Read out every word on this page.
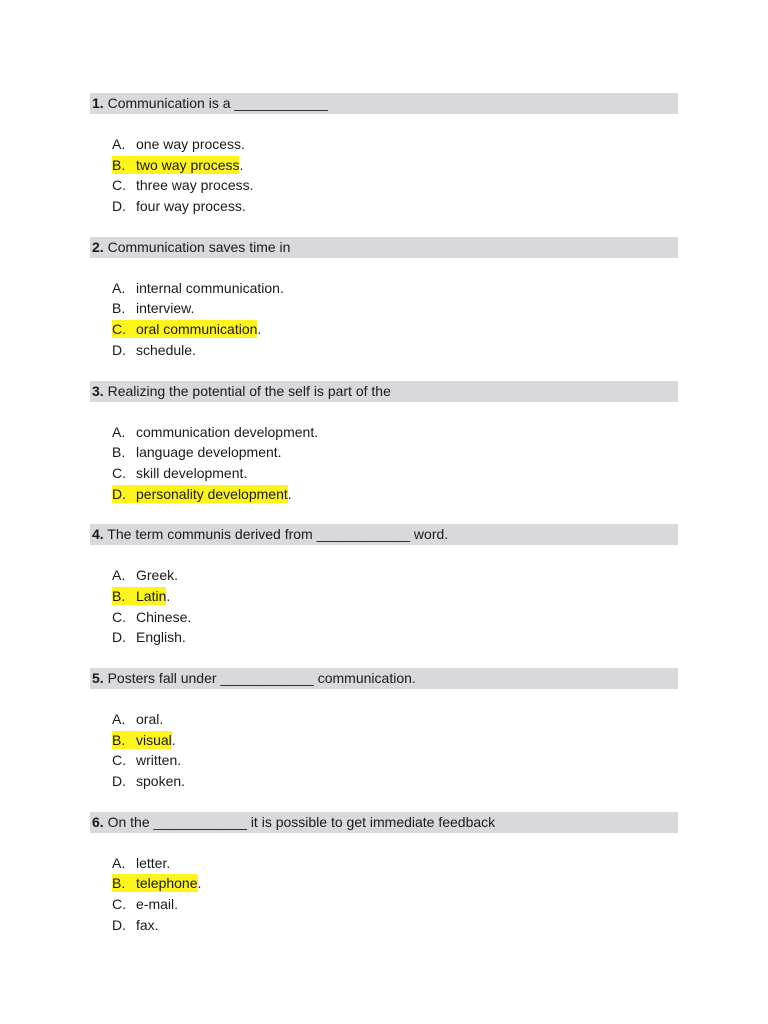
1. Communication is a ____________
A. one way process.
B. two way process.
C. three way process.
D. four way process.
2. Communication saves time in
A. internal communication.
B. interview.
C. oral communication.
D. schedule.
3. Realizing the potential of the self is part of the
A. communication development.
B. language development.
C. skill development.
D. personality development.
4. The term communis derived from ____________ word.
A. Greek.
B. Latin.
C. Chinese.
D. English.
5. Posters fall under ____________ communication.
A. oral.
B. visual.
C. written.
D. spoken.
6. On the ____________ it is possible to get immediate feedback
A. letter.
B. telephone.
C. e-mail.
D. fax.
